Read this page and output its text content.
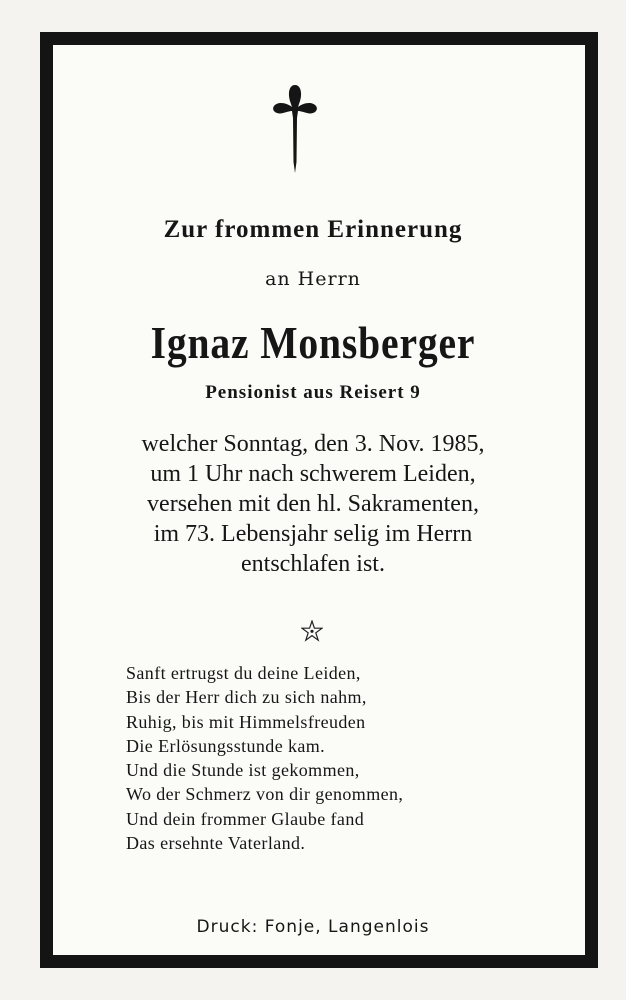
Zur frommen Erinnerung

an Herrn

Ignaz Monsberger

Pensionist aus Reisert 9

welcher Sonntag, den 3. Nov. 1985,
um 1 Uhr nach schwerem Leiden,
versehen mit den hl. Sakramenten,
im 73. Lebensjahr selig im Herrn
entschlafen ist.
Sanft ertrugst du deine Leiden,
Bis der Herr dich zu sich nahm,
Ruhig, bis mit Himmelsfreuden
Die Erlösungsstunde kam.
Und die Stunde ist gekommen,
Wo der Schmerz von dir genommen,
Und dein frommer Glaube fand
Das ersehnte Vaterland.

Druck: Fonje, Langenlois
